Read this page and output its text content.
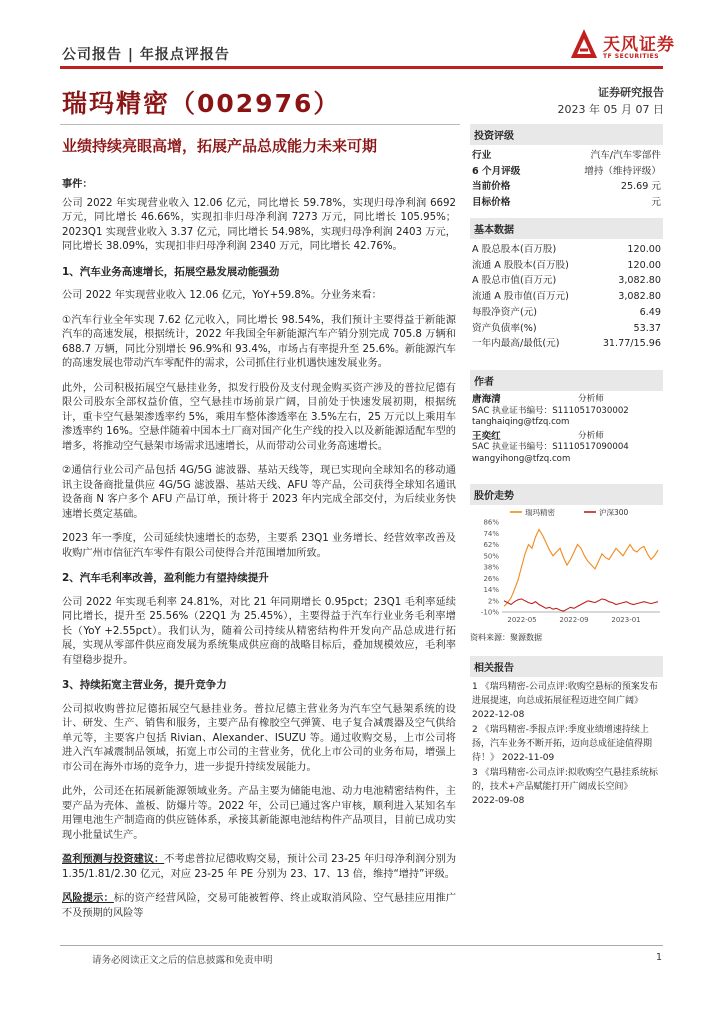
公司报告 | 年报点评报告	天风证券
TF SECURITIES
瑞玛精密（002976）	证券研究报告
2023 年 05 月 07 日
业绩持续亮眼高增，拓展产品总成能力未来可期

事件：

公司 2022 年实现营业收入 12.06 亿元，同比增长 59.78%，实现归母净利润 6692 万元，同比增长 46.66%，实现扣非归母净利润 7273 万元，同比增长 105.95%；2023Q1 实现营业收入 3.37 亿元，同比增长 54.98%，实现归母净利润 2403 万元，同比增长 38.09%，实现扣非归母净利润 2340 万元，同比增长 42.76%。

1、汽车业务高速增长，拓展空悬发展动能强劲

公司 2022 年实现营业收入 12.06 亿元，YoY+59.8%。分业务来看：

①汽车行业全年实现 7.62 亿元收入，同比增长 98.54%，我们预计主要得益于新能源汽车的高速发展，根据统计，2022 年我国全年新能源汽车产销分别完成 705.8 万辆和 688.7 万辆，同比分别增长 96.9%和 93.4%，市场占有率提升至 25.6%。新能源汽车的高速发展也带动汽车零配件的需求，公司抓住行业机遇快速发展业务。

此外，公司积极拓展空气悬挂业务，拟发行股份及支付现金购买资产涉及的普拉尼德有限公司股东全部权益价值，空气悬挂市场前景广阔，目前处于快速发展初期，根据统计，重卡空气悬架渗透率约 5%，乘用车整体渗透率在 3.5%左右，25 万元以上乘用车渗透率约 16%。空悬伴随着中国本土厂商对国产化生产线的投入以及新能源适配车型的增多，将推动空气悬架市场需求迅速增长，从而带动公司业务高速增长。

②通信行业公司产品包括 4G/5G 滤波器、基站天线等，现已实现向全球知名的移动通讯主设备商批量供应 4G/5G 滤波器、基站天线、AFU 等产品，公司获得全球知名通讯设备商 N 客户多个 AFU 产品订单，预计将于 2023 年内完成全部交付，为后续业务快速增长奠定基础。

2023 年一季度，公司延续快速增长的态势，主要系 23Q1 业务增长、经营效率改善及收购广州市信征汽车零件有限公司使得合并范围增加所致。

2、汽车毛利率改善，盈利能力有望持续提升

公司 2022 年实现毛利率 24.81%，对比 21 年同期增长 0.95pct；23Q1 毛利率延续同比增长，提升至 25.56%（22Q1 为 25.45%），主要得益于汽车行业业务毛利率增长（YoY +2.55pct）。我们认为，随着公司持续从精密结构件开发向产品总成进行拓展，实现从零部件供应商发展为系统集成供应商的战略目标后，叠加规模效应，毛利率有望稳步提升。

3、持续拓宽主营业务，提升竞争力

公司拟收购普拉尼德拓展空气悬挂业务。普拉尼德主营业务为汽车空气悬架系统的设计、研发、生产、销售和服务，主要产品有橡胶空气弹簧、电子复合减震器及空气供给单元等，主要客户包括 Rivian、Alexander、ISUZU 等。通过收购交易，上市公司将进入汽车减震制品领域，拓宽上市公司的主营业务，优化上市公司的业务布局，增强上市公司在海外市场的竞争力，进一步提升持续发展能力。

此外，公司还在拓展新能源领域业务。产品主要为储能电池、动力电池精密结构件，主要产品为壳体、盖板、防爆片等。2022 年，公司已通过客户审核，顺利进入某知名车用锂电池生产制造商的供应链体系，承接其新能源电池结构件产品项目，目前已成功实现小批量试生产。

盈利预测与投资建议：不考虑普拉尼德收购交易，预计公司 23-25 年归母净利润分别为 1.35/1.81/2.30 亿元，对应 23-25 年 PE 分别为 23、17、13 倍，维持“增持”评级。

风险提示：标的资产经营风险，交易可能被暂停、终止或取消风险、空气悬挂应用推广不及预期的风险等

投资评级
行业	汽车/汽车零部件
6 个月评级	增持（维持评级）
当前价格	25.69 元
目标价格	元
基本数据
A 股总股本(百万股)	120.00
流通 A 股股本(百万股)	120.00
A 股总市值(百万元)	3,082.80
流通 A 股市值(百万元)	3,082.80
每股净资产(元)	6.49
资产负债率(%)	53.37
一年内最高/最低(元)	31.77/15.96
作者
唐海清	分析师
SAC 执业证书编号：S1110517030002
tanghaiqing@tfzq.com
王奕红	分析师
SAC 执业证书编号：S1110517090004
wangyihong@tfzq.com
股价走势
瑞玛精密	沪深300
86%
74%
62%
50%
38%
26%
14%
2%
-10%
2022-05	2022-09	2023-01
资料来源：聚源数据
相关报告

1 《瑞玛精密-公司点评:收购空悬标的预案发布进展提速，向总成拓展征程迈进空间广阔》 2022-12-08

2 《瑞玛精密-季报点评:季度业绩增速持续上扬，汽车业务不断开拓，迈向总成征途值得期待！》 2022-11-09

3 《瑞玛精密-公司点评:拟收购空气悬挂系统标的，技术+产品赋能打开广阔成长空间》 2022-09-08

请务必阅读正文之后的信息披露和免责申明	1
